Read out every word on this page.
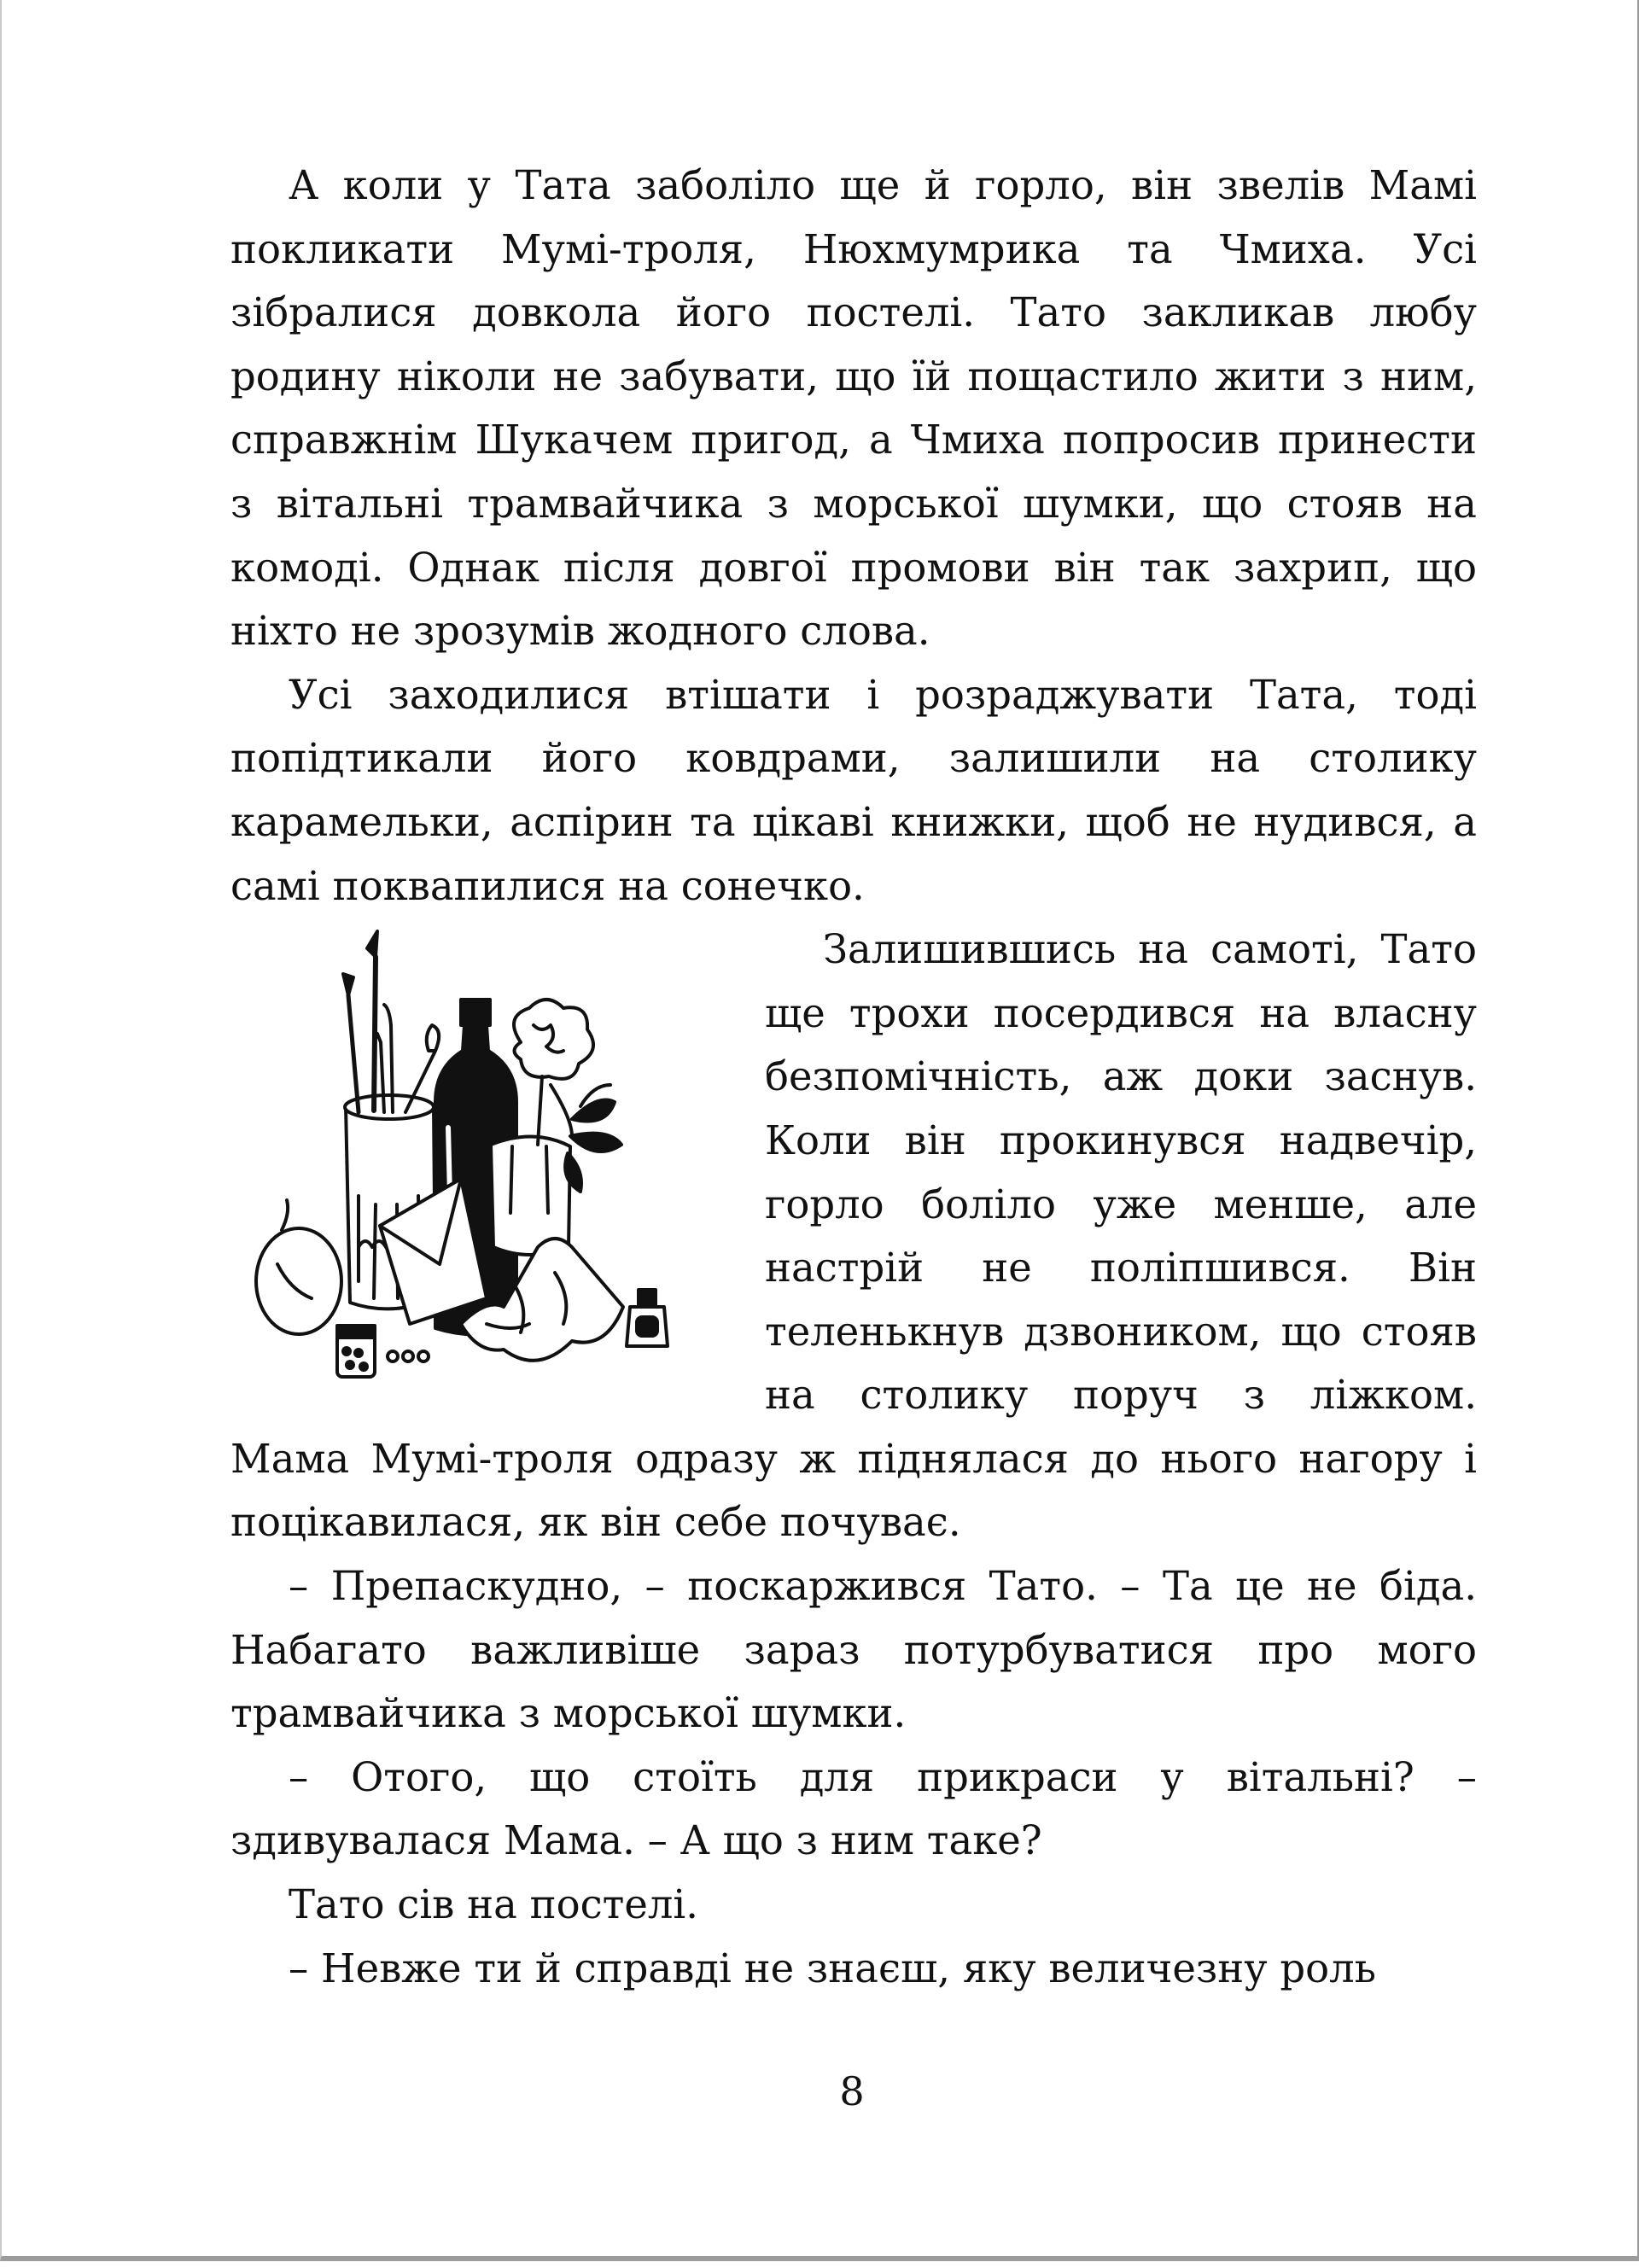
А коли у Тата заболіло ще й горло, він звелів Мамі покликати Мумі-троля, Нюхмумрика та Чмиха. Усі зібралися довкола його постелі. Тато закликав любу родину ніколи не забувати, що їй пощастило жити з ним, справжнім Шукачем пригод, а Чмиха попросив принести з вітальні трамвайчика з морської шумки, що стояв на комоді. Однак після довгої промови він так захрип, що ніхто не зрозумів жодного слова.

Усі заходилися втішати і розраджувати Тата, тоді попідтикали його ковдрами, залишили на столику карамельки, аспірин та цікаві книжки, щоб не нудився, а самі поквапилися на сонечко.

Залишившись на самоті, Тато ще трохи посердився на власну безпомічність, аж доки заснув. Коли він прокинувся надвечір, горло боліло уже менше, але настрій не поліпшився. Він теленькнув дзвоником, що стояв на столику поруч з ліжком. Мама Мумі-троля одразу ж піднялася до нього нагору і поцікавилася, як він себе почуває.

– Препаскудно, – поскаржився Тато. – Та це не біда. Набагато важливіше зараз потурбуватися про мого трамвайчика з морської шумки.

– Отого, що стоїть для прикраси у вітальні? – здивувалася Мама. – А що з ним таке?

Тато сів на постелі.

– Невже ти й справді не знаєш, яку величезну роль

8
